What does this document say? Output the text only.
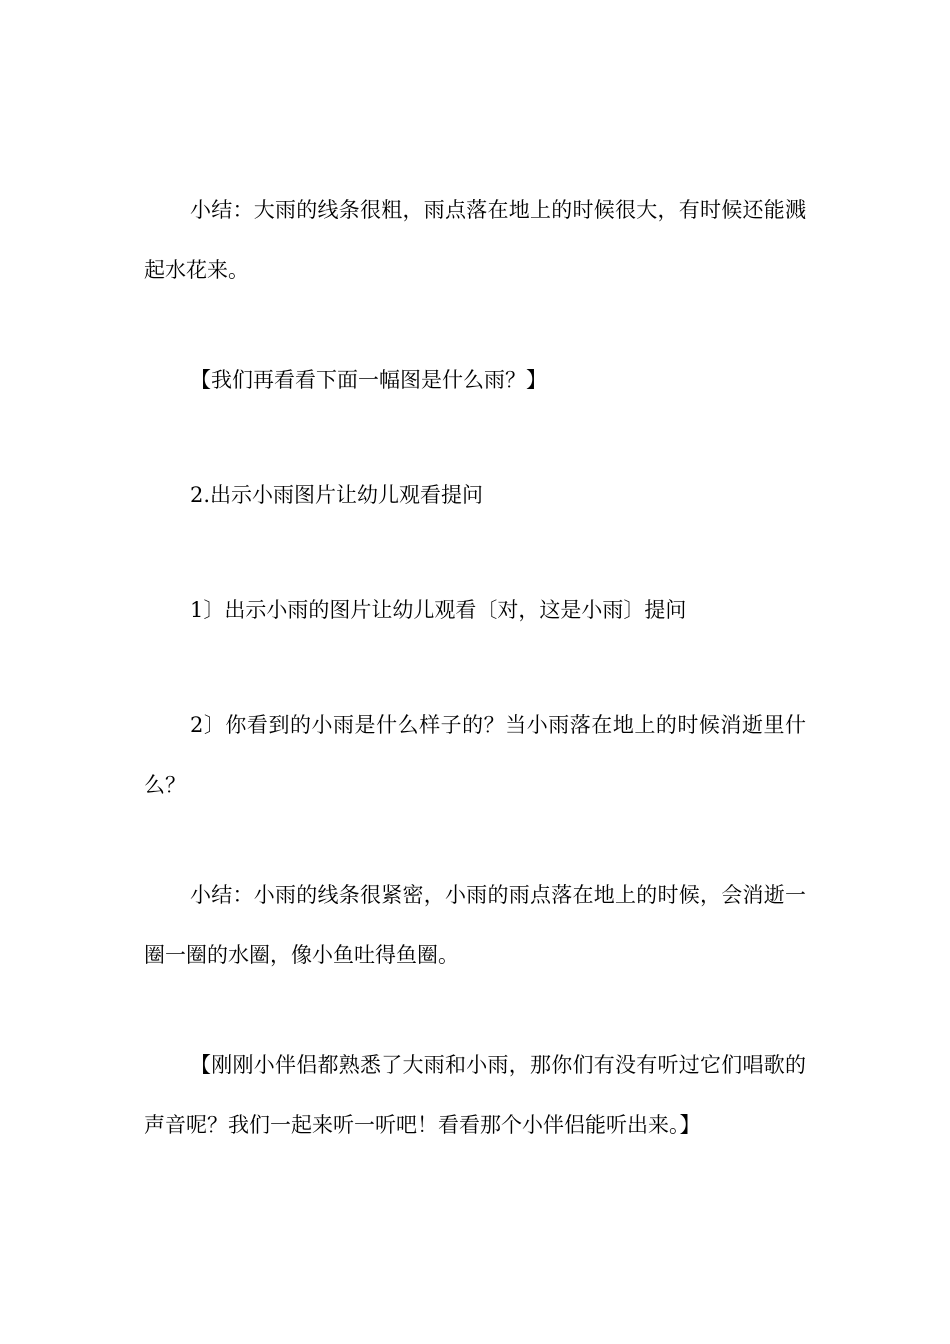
小结：大雨的线条很粗，雨点落在地上的时候很大，有时候还能溅起水花来。

【我们再看看下面一幅图是什么雨？】

2.出示小雨图片让幼儿观看提问

1〕出示小雨的图片让幼儿观看〔对，这是小雨〕提问

2〕你看到的小雨是什么样子的？当小雨落在地上的时候消逝里什么？

小结：小雨的线条很紧密，小雨的雨点落在地上的时候，会消逝一圈一圈的水圈，像小鱼吐得鱼圈。

【刚刚小伴侣都熟悉了大雨和小雨，那你们有没有听过它们唱歌的声音呢？我们一起来听一听吧！看看那个小伴侣能听出来。】
